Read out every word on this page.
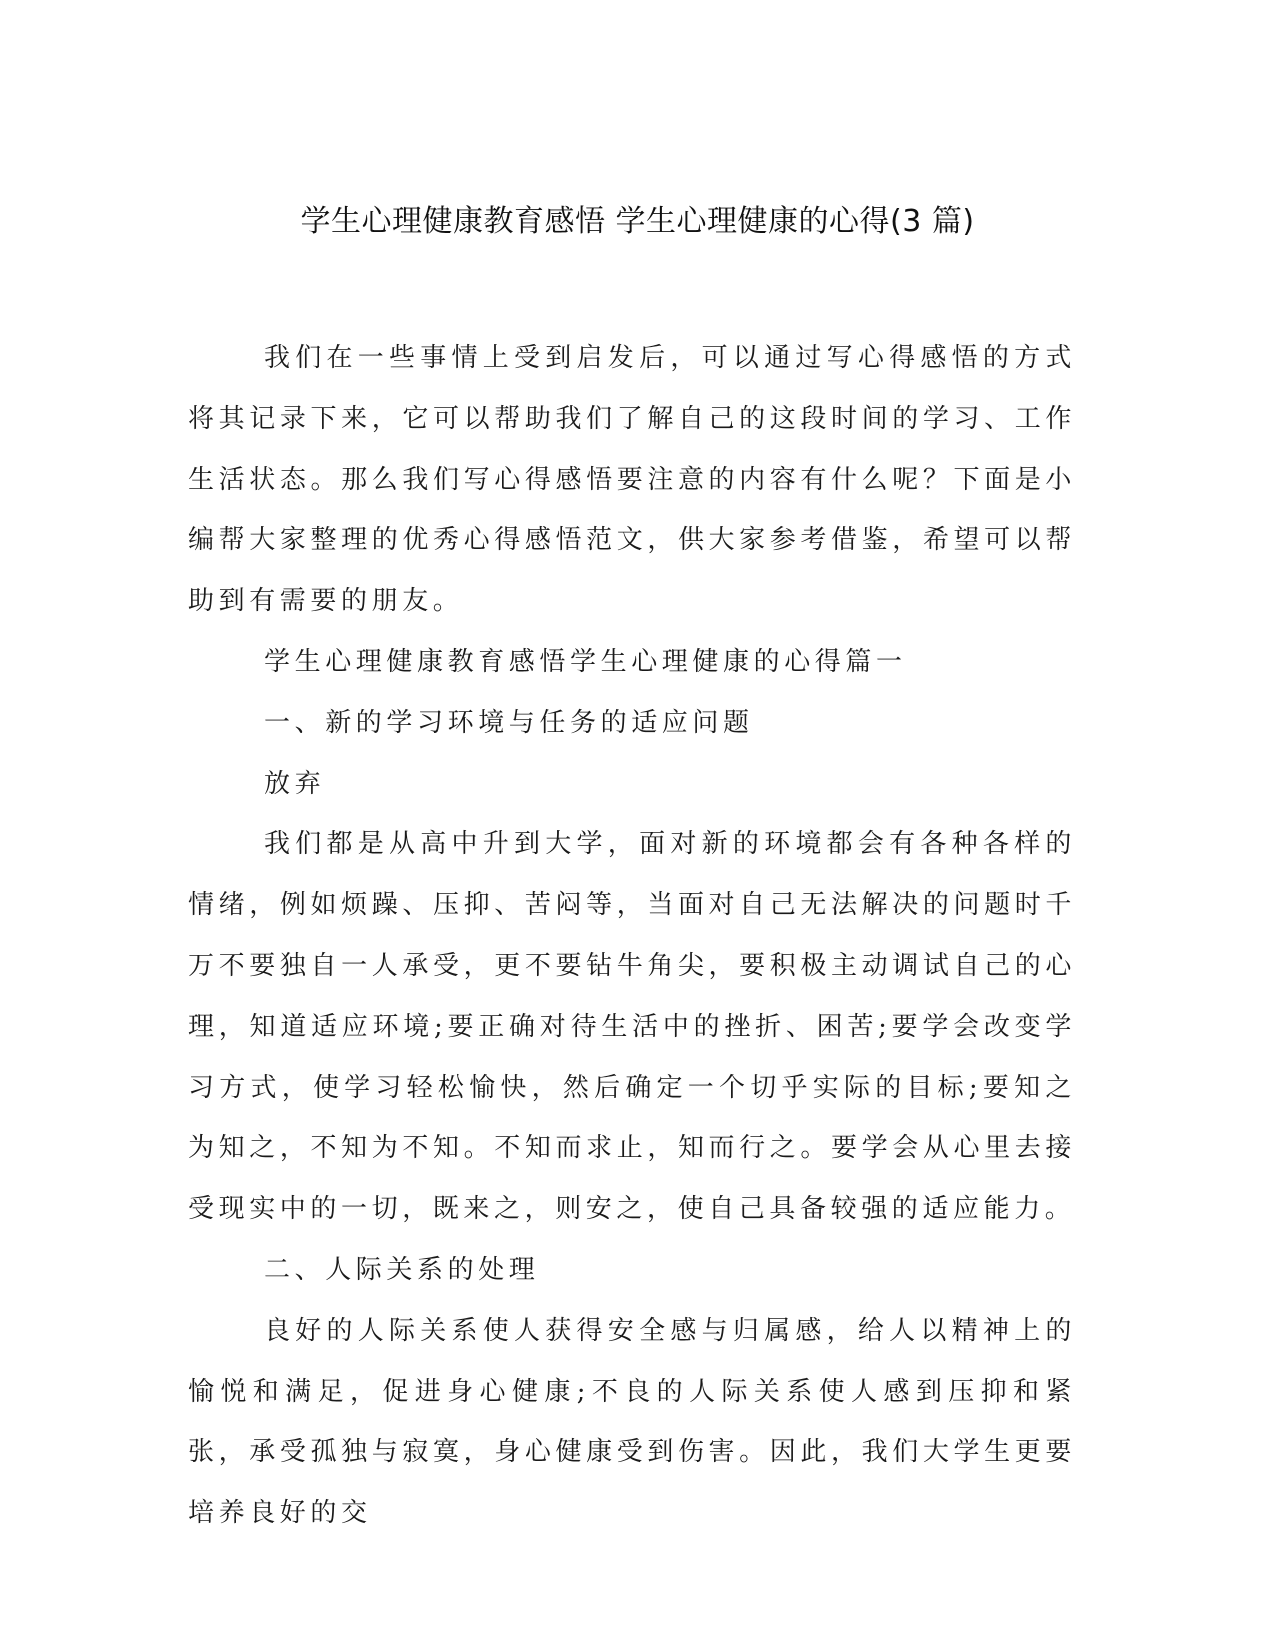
学生心理健康教育感悟 学生心理健康的心得(3 篇)

我们在一些事情上受到启发后，可以通过写心得感悟的方式将其记录下来，它可以帮助我们了解自己的这段时间的学习、工作生活状态。那么我们写心得感悟要注意的内容有什么呢？下面是小编帮大家整理的优秀心得感悟范文，供大家参考借鉴，希望可以帮助到有需要的朋友。

学生心理健康教育感悟学生心理健康的心得篇一

一、新的学习环境与任务的适应问题

放弃

我们都是从高中升到大学，面对新的环境都会有各种各样的情绪，例如烦躁、压抑、苦闷等，当面对自己无法解决的问题时千万不要独自一人承受，更不要钻牛角尖，要积极主动调试自己的心理，知道适应环境;要正确对待生活中的挫折、困苦;要学会改变学习方式，使学习轻松愉快，然后确定一个切乎实际的目标;要知之为知之，不知为不知。不知而求止，知而行之。要学会从心里去接受现实中的一切，既来之，则安之，使自己具备较强的适应能力。

二、人际关系的处理

良好的人际关系使人获得安全感与归属感，给人以精神上的愉悦和满足，促进身心健康;不良的人际关系使人感到压抑和紧张，承受孤独与寂寞，身心健康受到伤害。因此，我们大学生更要培养良好的交
